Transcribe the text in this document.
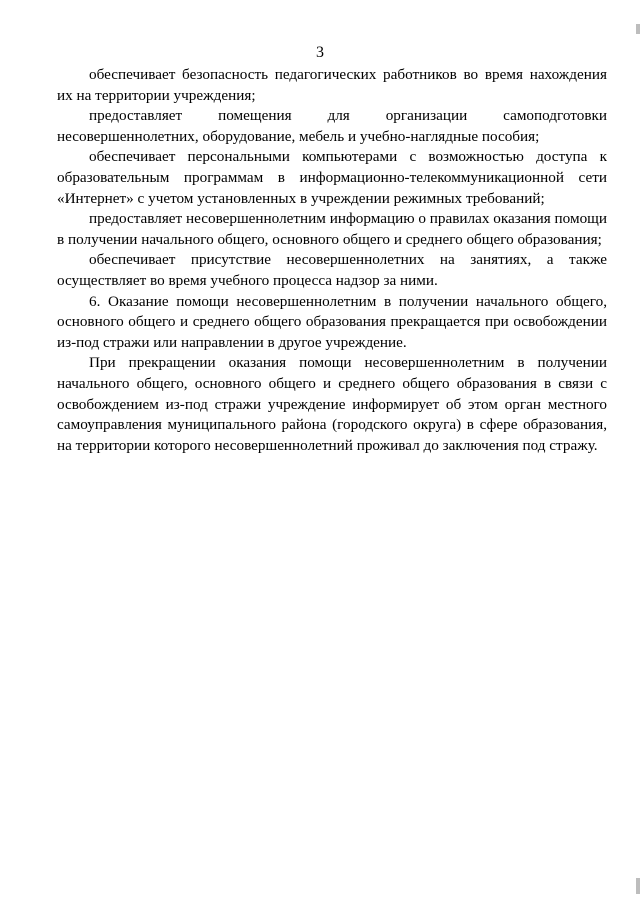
3

обеспечивает безопасность педагогических работников во время нахождения их на территории учреждения;

предоставляет помещения для организации самоподготовки несовершеннолетних, оборудование, мебель и учебно-наглядные пособия;

обеспечивает персональными компьютерами с возможностью доступа к образовательным программам в информационно-телекоммуникационной сети «Интернет» с учетом установленных в учреждении режимных требований;

предоставляет несовершеннолетним информацию о правилах оказания помощи в получении начального общего, основного общего и среднего общего образования;

обеспечивает присутствие несовершеннолетних на занятиях, а также осуществляет во время учебного процесса надзор за ними.

6. Оказание помощи несовершеннолетним в получении начального общего, основного общего и среднего общего образования прекращается при освобождении из-под стражи или направлении в другое учреждение.

При прекращении оказания помощи несовершеннолетним в получении начального общего, основного общего и среднего общего образования в связи с освобождением из-под стражи учреждение информирует об этом орган местного самоуправления муниципального района (городского округа) в сфере образования, на территории которого несовершеннолетний проживал до заключения под стражу.
